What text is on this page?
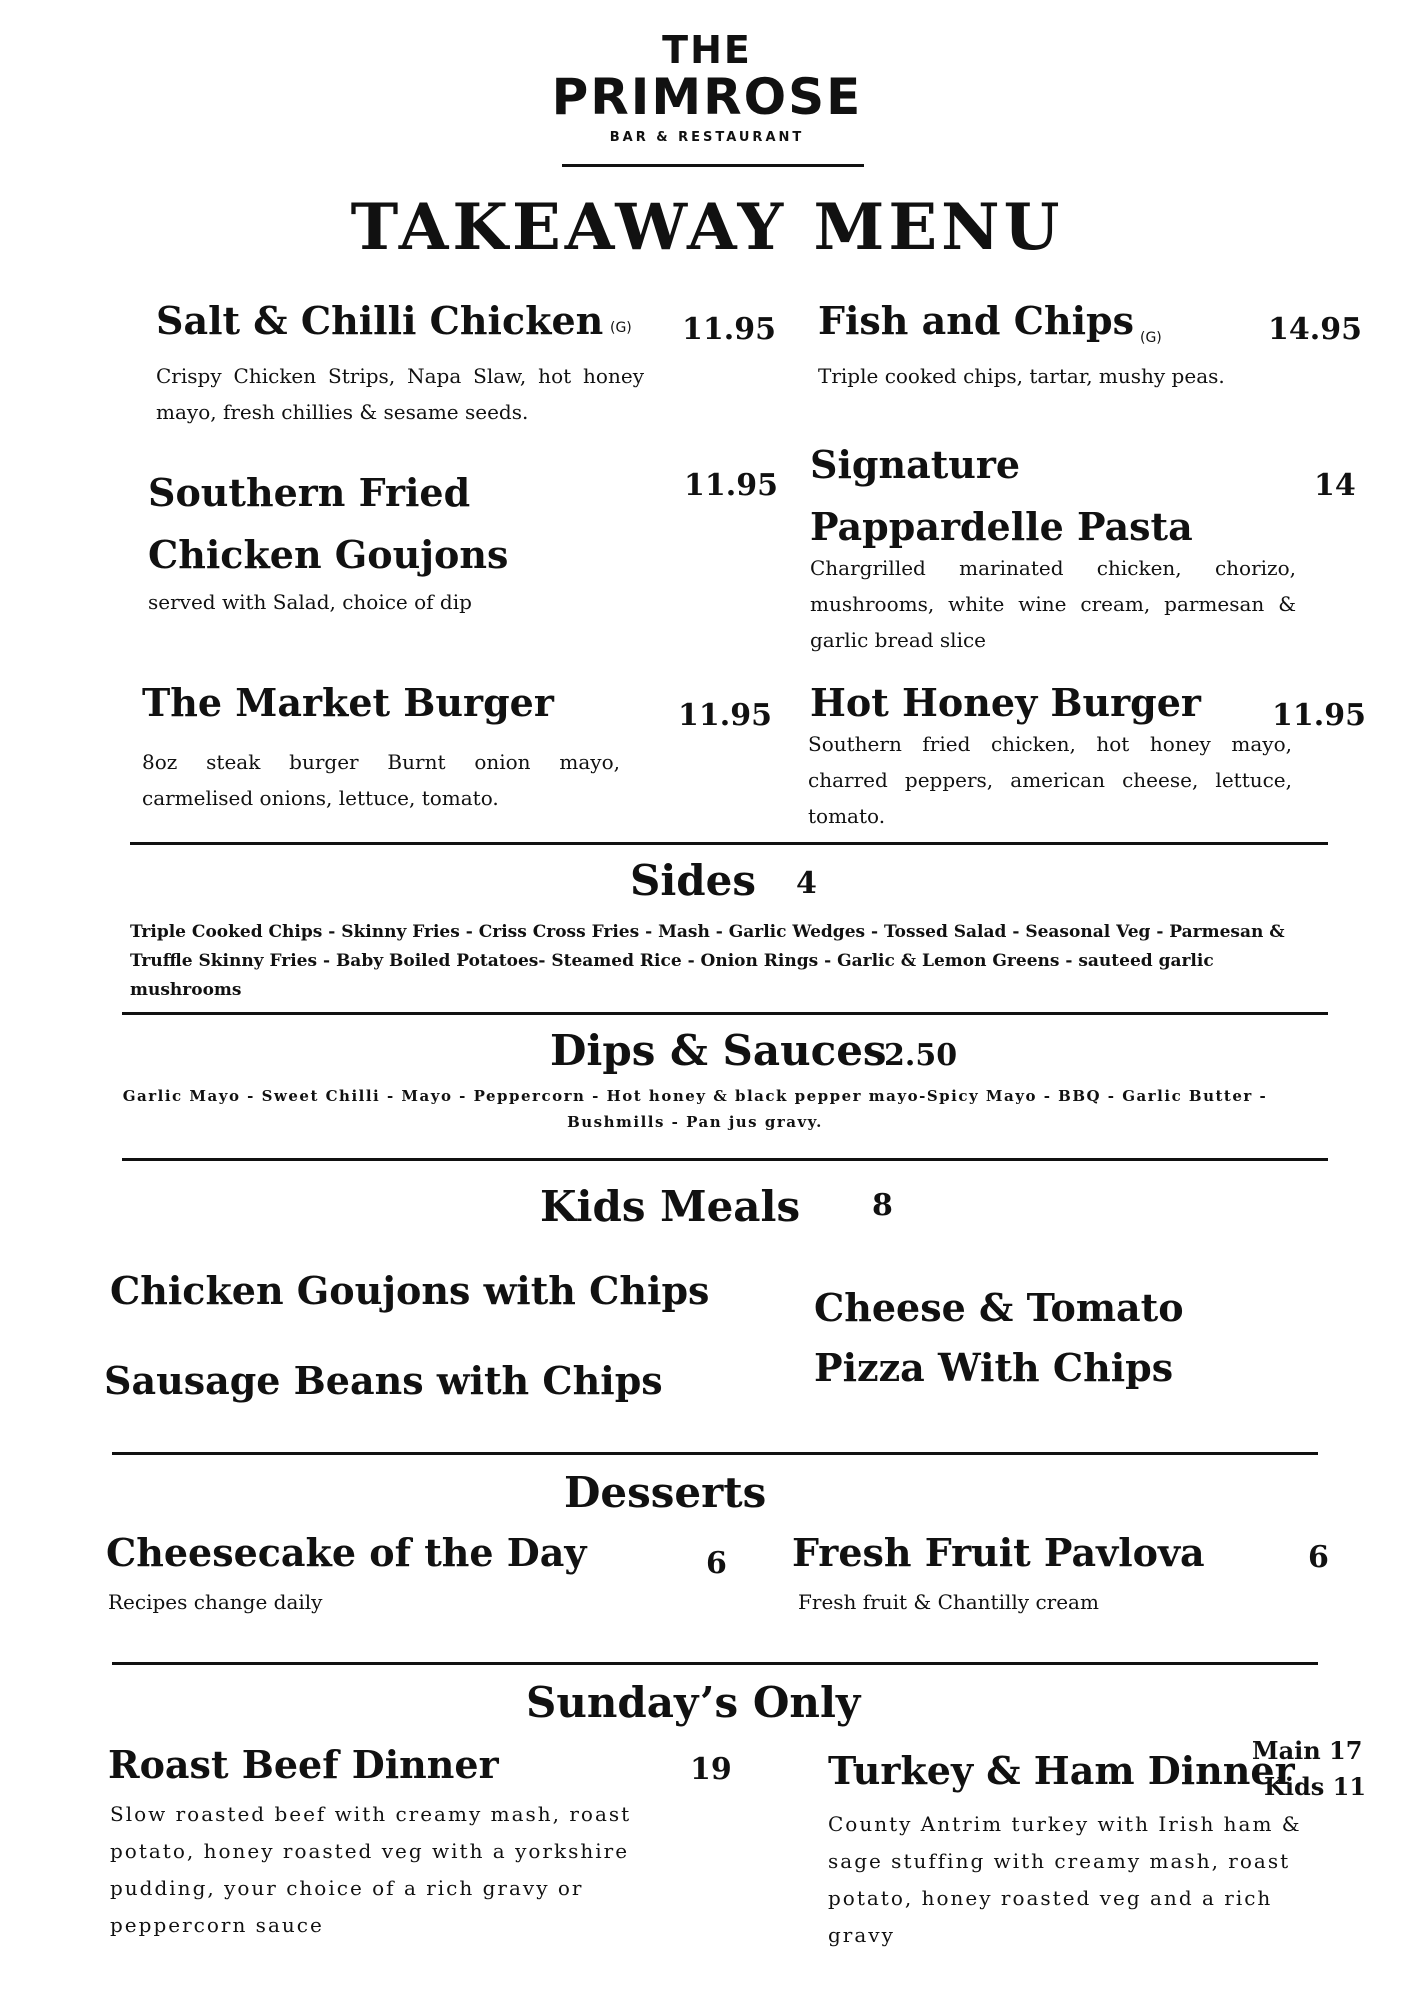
THE
PRIMROSE
BAR & RESTAURANT
TAKEAWAY MENU
Salt & Chilli Chicken (G) 11.95
Crispy Chicken Strips, Napa Slaw, hot honey mayo, fresh chillies & sesame seeds.
Fish and Chips (G)	14.95
Triple cooked chips, tartar, mushy peas.
Southern Fried Chicken Goujons
11.95
served with Salad, choice of dip
Signature Pappardelle Pasta
14
Chargrilled marinated chicken, chorizo, mushrooms, white wine cream, parmesan & garlic bread slice
The Market Burger	11.95
8oz steak burger Burnt onion mayo, carmelised onions, lettuce, tomato.
Hot Honey Burger 11.95
Southern fried chicken, hot honey mayo, charred peppers, american cheese, lettuce, tomato.
Sides 4
Triple Cooked Chips - Skinny Fries - Criss Cross Fries - Mash - Garlic Wedges - Tossed Salad - Seasonal Veg - Parmesan & Truffle Skinny Fries - Baby Boiled Potatoes- Steamed Rice - Onion Rings - Garlic & Lemon Greens - sauteed garlic mushrooms
Dips & Sauces
2.50
Garlic Mayo - Sweet Chilli - Mayo - Peppercorn - Hot honey & black pepper mayo-Spicy Mayo - BBQ - Garlic Butter - Bushmills - Pan jus gravy.
Kids Meals 8
Chicken Goujons with Chips
Sausage Beans with Chips
Cheese & Tomato Pizza With Chips
Desserts
Cheesecake of the Day	6
Recipes change daily
Fresh Fruit Pavlova	6
Fresh fruit & Chantilly cream
Sunday’s Only
Roast Beef Dinner	19
Slow roasted beef with creamy mash, roast potato, honey roasted veg with a yorkshire pudding, your choice of a rich gravy or peppercorn sauce
Turkey & Ham Dinner
Main 17
Kids 11
County Antrim turkey with Irish ham & sage stuffing with creamy mash, roast potato, honey roasted veg and a rich gravy
